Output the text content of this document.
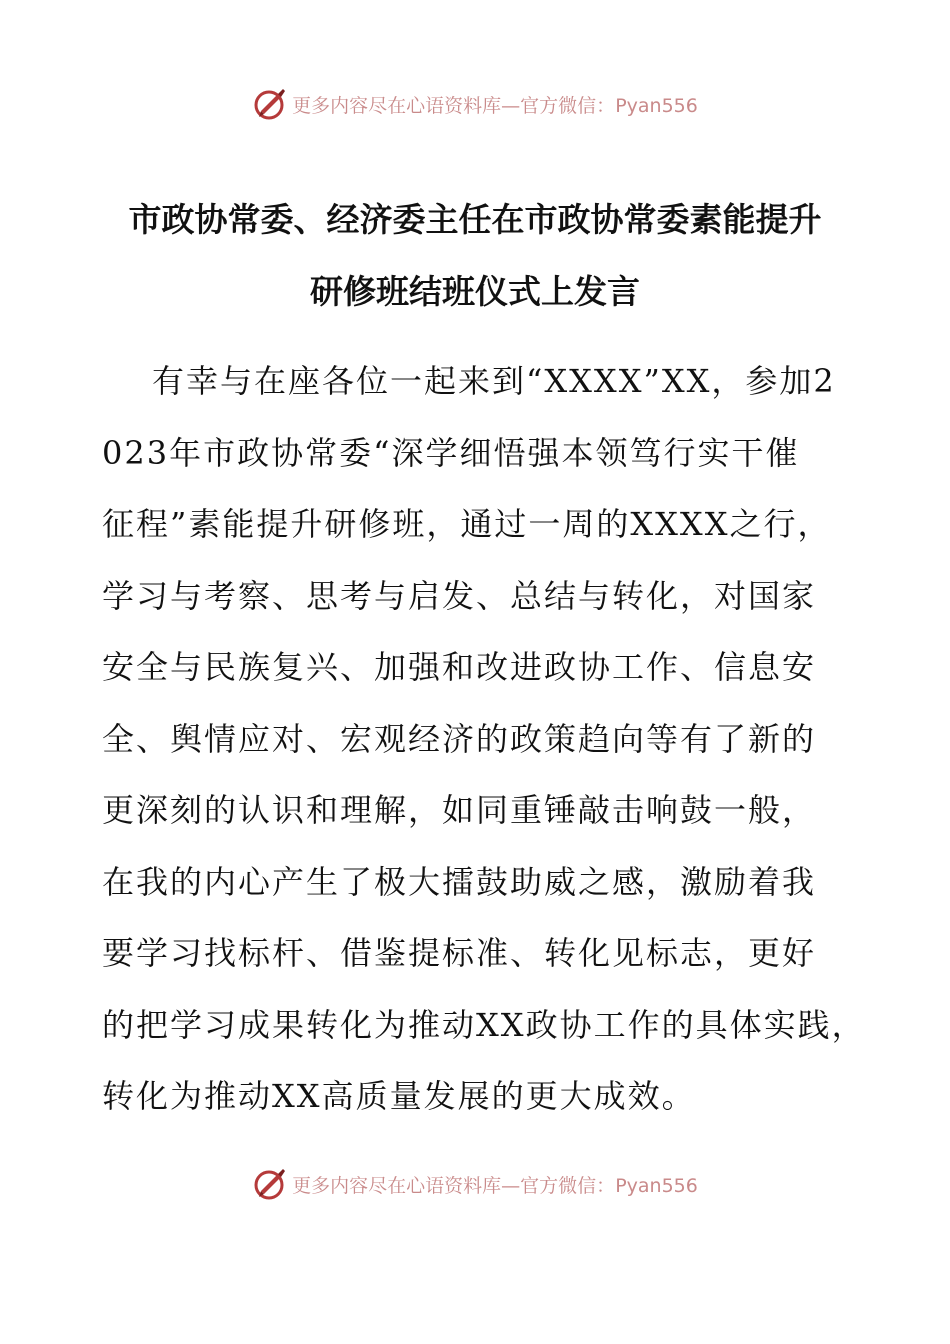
更多内容尽在心语资料库—官方微信：Pyan556
市政协常委、经济委主任在市政协常委素能提升
研修班结班仪式上发言
有幸与在座各位一起来到“XXXX”XX，参加2
023年市政协常委“深学细悟强本领笃行实干催
征程”素能提升研修班，通过一周的XXXX之行，
学习与考察、思考与启发、总结与转化，对国家
安全与民族复兴、加强和改进政协工作、信息安
全、舆情应对、宏观经济的政策趋向等有了新的
更深刻的认识和理解，如同重锤敲击响鼓一般，
在我的内心产生了极大擂鼓助威之感，激励着我
要学习找标杆、借鉴提标准、转化见标志，更好
的把学习成果转化为推动XX政协工作的具体实践，
转化为推动XX高质量发展的更大成效。
更多内容尽在心语资料库—官方微信：Pyan556
